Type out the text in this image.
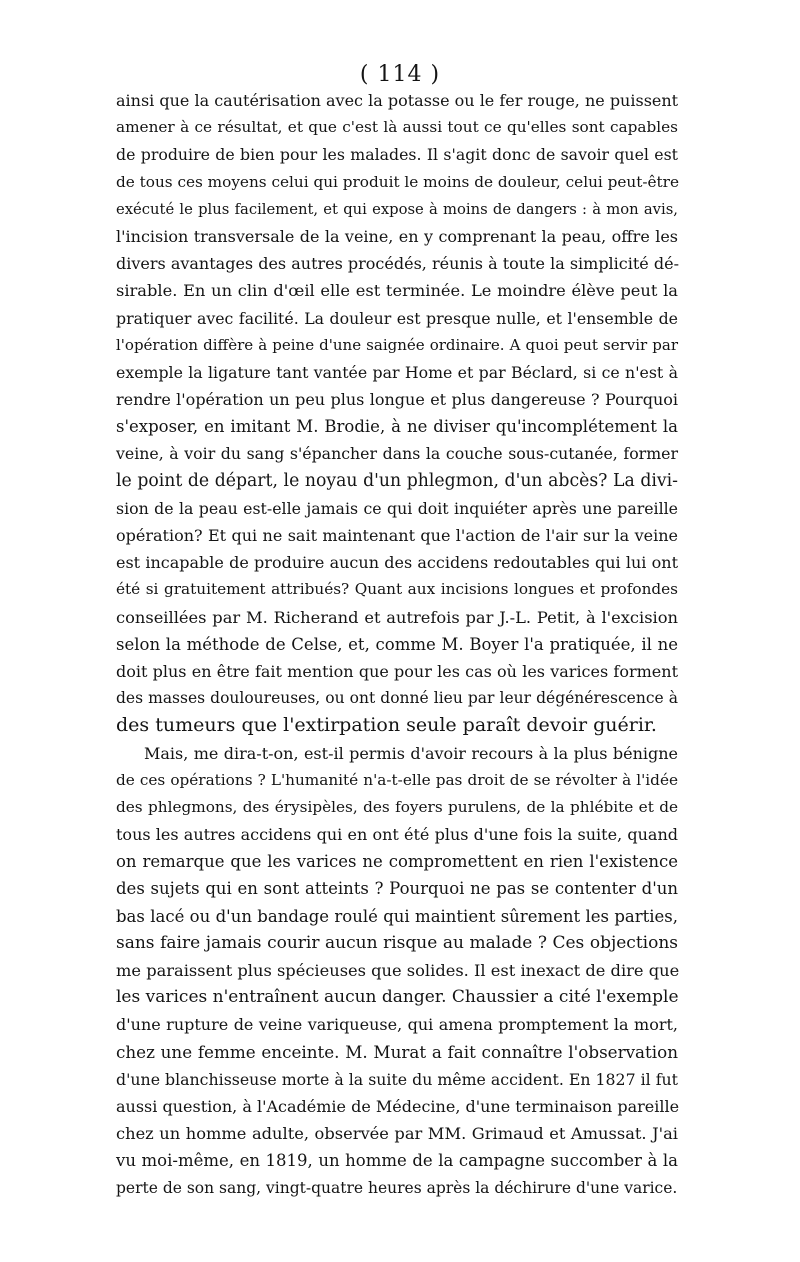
( 114 )
ainsi que la cautérisation avec la potasse ou le fer rouge, ne puissent
amener à ce résultat, et que c'est là aussi tout ce qu'elles sont capables
de produire de bien pour les malades. Il s'agit donc de savoir quel est
de tous ces moyens celui qui produit le moins de douleur, celui peut-être
exécuté le plus facilement, et qui expose à moins de dangers : à mon avis,
l'incision transversale de la veine, en y comprenant la peau, offre les
divers avantages des autres procédés, réunis à toute la simplicité dé-
sirable. En un clin d'œil elle est terminée. Le moindre élève peut la
pratiquer avec facilité. La douleur est presque nulle, et l'ensemble de
l'opération diffère à peine d'une saignée ordinaire. A quoi peut servir par
exemple la ligature tant vantée par Home et par Béclard, si ce n'est à
rendre l'opération un peu plus longue et plus dangereuse ? Pourquoi
s'exposer, en imitant M. Brodie, à ne diviser qu'incomplétement la
veine, à voir du sang s'épancher dans la couche sous-cutanée, former
le point de départ, le noyau d'un phlegmon, d'un abcès? La divi-
sion de la peau est-elle jamais ce qui doit inquiéter après une pareille
opération? Et qui ne sait maintenant que l'action de l'air sur la veine
est incapable de produire aucun des accidens redoutables qui lui ont
été si gratuitement attribués? Quant aux incisions longues et profondes
conseillées par M. Richerand et autrefois par J.-L. Petit, à l'excision
selon la méthode de Celse, et, comme M. Boyer l'a pratiquée, il ne
doit plus en être fait mention que pour les cas où les varices forment
des masses douloureuses, ou ont donné lieu par leur dégénérescence à
des tumeurs que l'extirpation seule paraît devoir guérir.
Mais, me dira-t-on, est-il permis d'avoir recours à la plus bénigne
de ces opérations ? L'humanité n'a-t-elle pas droit de se révolter à l'idée
des phlegmons, des érysipèles, des foyers purulens, de la phlébite et de
tous les autres accidens qui en ont été plus d'une fois la suite, quand
on remarque que les varices ne compromettent en rien l'existence
des sujets qui en sont atteints ? Pourquoi ne pas se contenter d'un
bas lacé ou d'un bandage roulé qui maintient sûrement les parties,
sans faire jamais courir aucun risque au malade ? Ces objections
me paraissent plus spécieuses que solides. Il est inexact de dire que
les varices n'entraînent aucun danger. Chaussier a cité l'exemple
d'une rupture de veine variqueuse, qui amena promptement la mort,
chez une femme enceinte. M. Murat a fait connaître l'observation
d'une blanchisseuse morte à la suite du même accident. En 1827 il fut
aussi question, à l'Académie de Médecine, d'une terminaison pareille
chez un homme adulte, observée par MM. Grimaud et Amussat. J'ai
vu moi-même, en 1819, un homme de la campagne succomber à la
perte de son sang, vingt-quatre heures après la déchirure d'une varice.
